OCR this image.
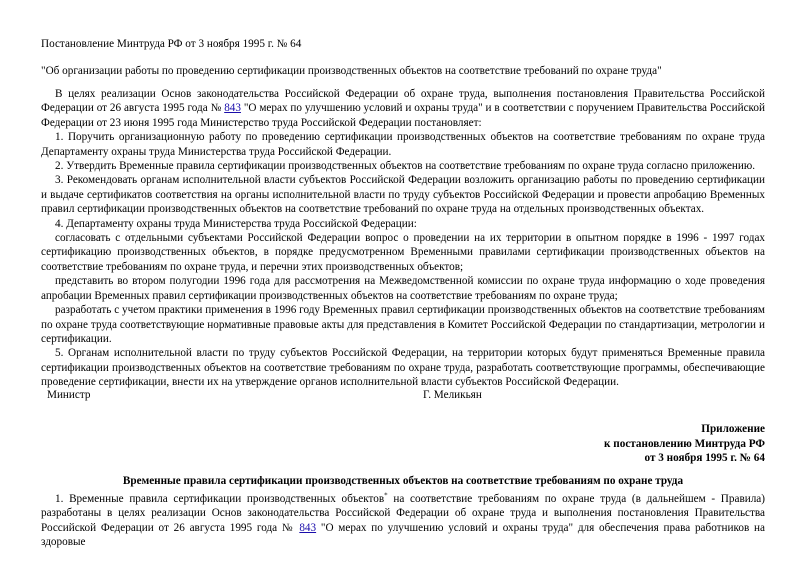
Постановление Минтруда РФ от 3 ноября 1995 г. № 64
"Об организации работы по проведению сертификации производственных объектов на соответствие требований по охране труда"

В целях реализации Основ законодательства Российской Федерации об охране труда, выполнения постановления Правительства Российской Федерации от 26 августа 1995 года № 843 "О мерах по улучшению условий и охраны труда" и в соответствии с поручением Правительства Российской Федерации от 23 июня 1995 года Министерство труда Российской Федерации постановляет:

1. Поручить организационную работу по проведению сертификации производственных объектов на соответствие требованиям по охране труда Департаменту охраны труда Министерства труда Российской Федерации.

2. Утвердить Временные правила сертификации производственных объектов на соответствие требованиям по охране труда согласно приложению.

3. Рекомендовать органам исполнительной власти субъектов Российской Федерации возложить организацию работы по проведению сертификации и выдаче сертификатов соответствия на органы исполнительной власти по труду субъектов Российской Федерации и провести апробацию Временных правил сертификации производственных объектов на соответствие требований по охране труда на отдельных производственных объектах.

4. Департаменту охраны труда Министерства труда Российской Федерации:

согласовать с отдельными субъектами Российской Федерации вопрос о проведении на их территории в опытном порядке в 1996 - 1997 годах сертификацию производственных объектов, в порядке предусмотренном Временными правилами сертификации производственных объектов на соответствие требованиям по охране труда, и перечни этих производственных объектов;

представить во втором полугодии 1996 года для рассмотрения на Межведомственной комиссии по охране труда информацию о ходе проведения апробации Временных правил сертификации производственных объектов на соответствие требованиям по охране труда;

разработать с учетом практики применения в 1996 году Временных правил сертификации производственных объектов на соответствие требованиям по охране труда соответствующие нормативные правовые акты для представления в Комитет Российской Федерации по стандартизации, метрологии и сертификации.

5. Органам исполнительной власти по труду субъектов Российской Федерации, на территории которых будут применяться Временные правила сертификации производственных объектов на соответствие требованиям по охране труда, разработать соответствующие программы, обеспечивающие проведение сертификации, внести их на утверждение органов исполнительной власти субъектов Российской Федерации.

Министр	Г. Меликьян
Приложение
к постановлению Минтруда РФ
от 3 ноября 1995 г. № 64
Временные правила сертификации производственных объектов на соответствие требованиям по охране труда

1. Временные правила сертификации производственных объектов* на соответствие требованиям по охране труда (в дальнейшем - Правила) разработаны в целях реализации Основ законодательства Российской Федерации об охране труда и выполнения постановления Правительства Российской Федерации от 26 августа 1995 года № 843 "О мерах по улучшению условий и охраны труда" для обеспечения права работников на здоровые
